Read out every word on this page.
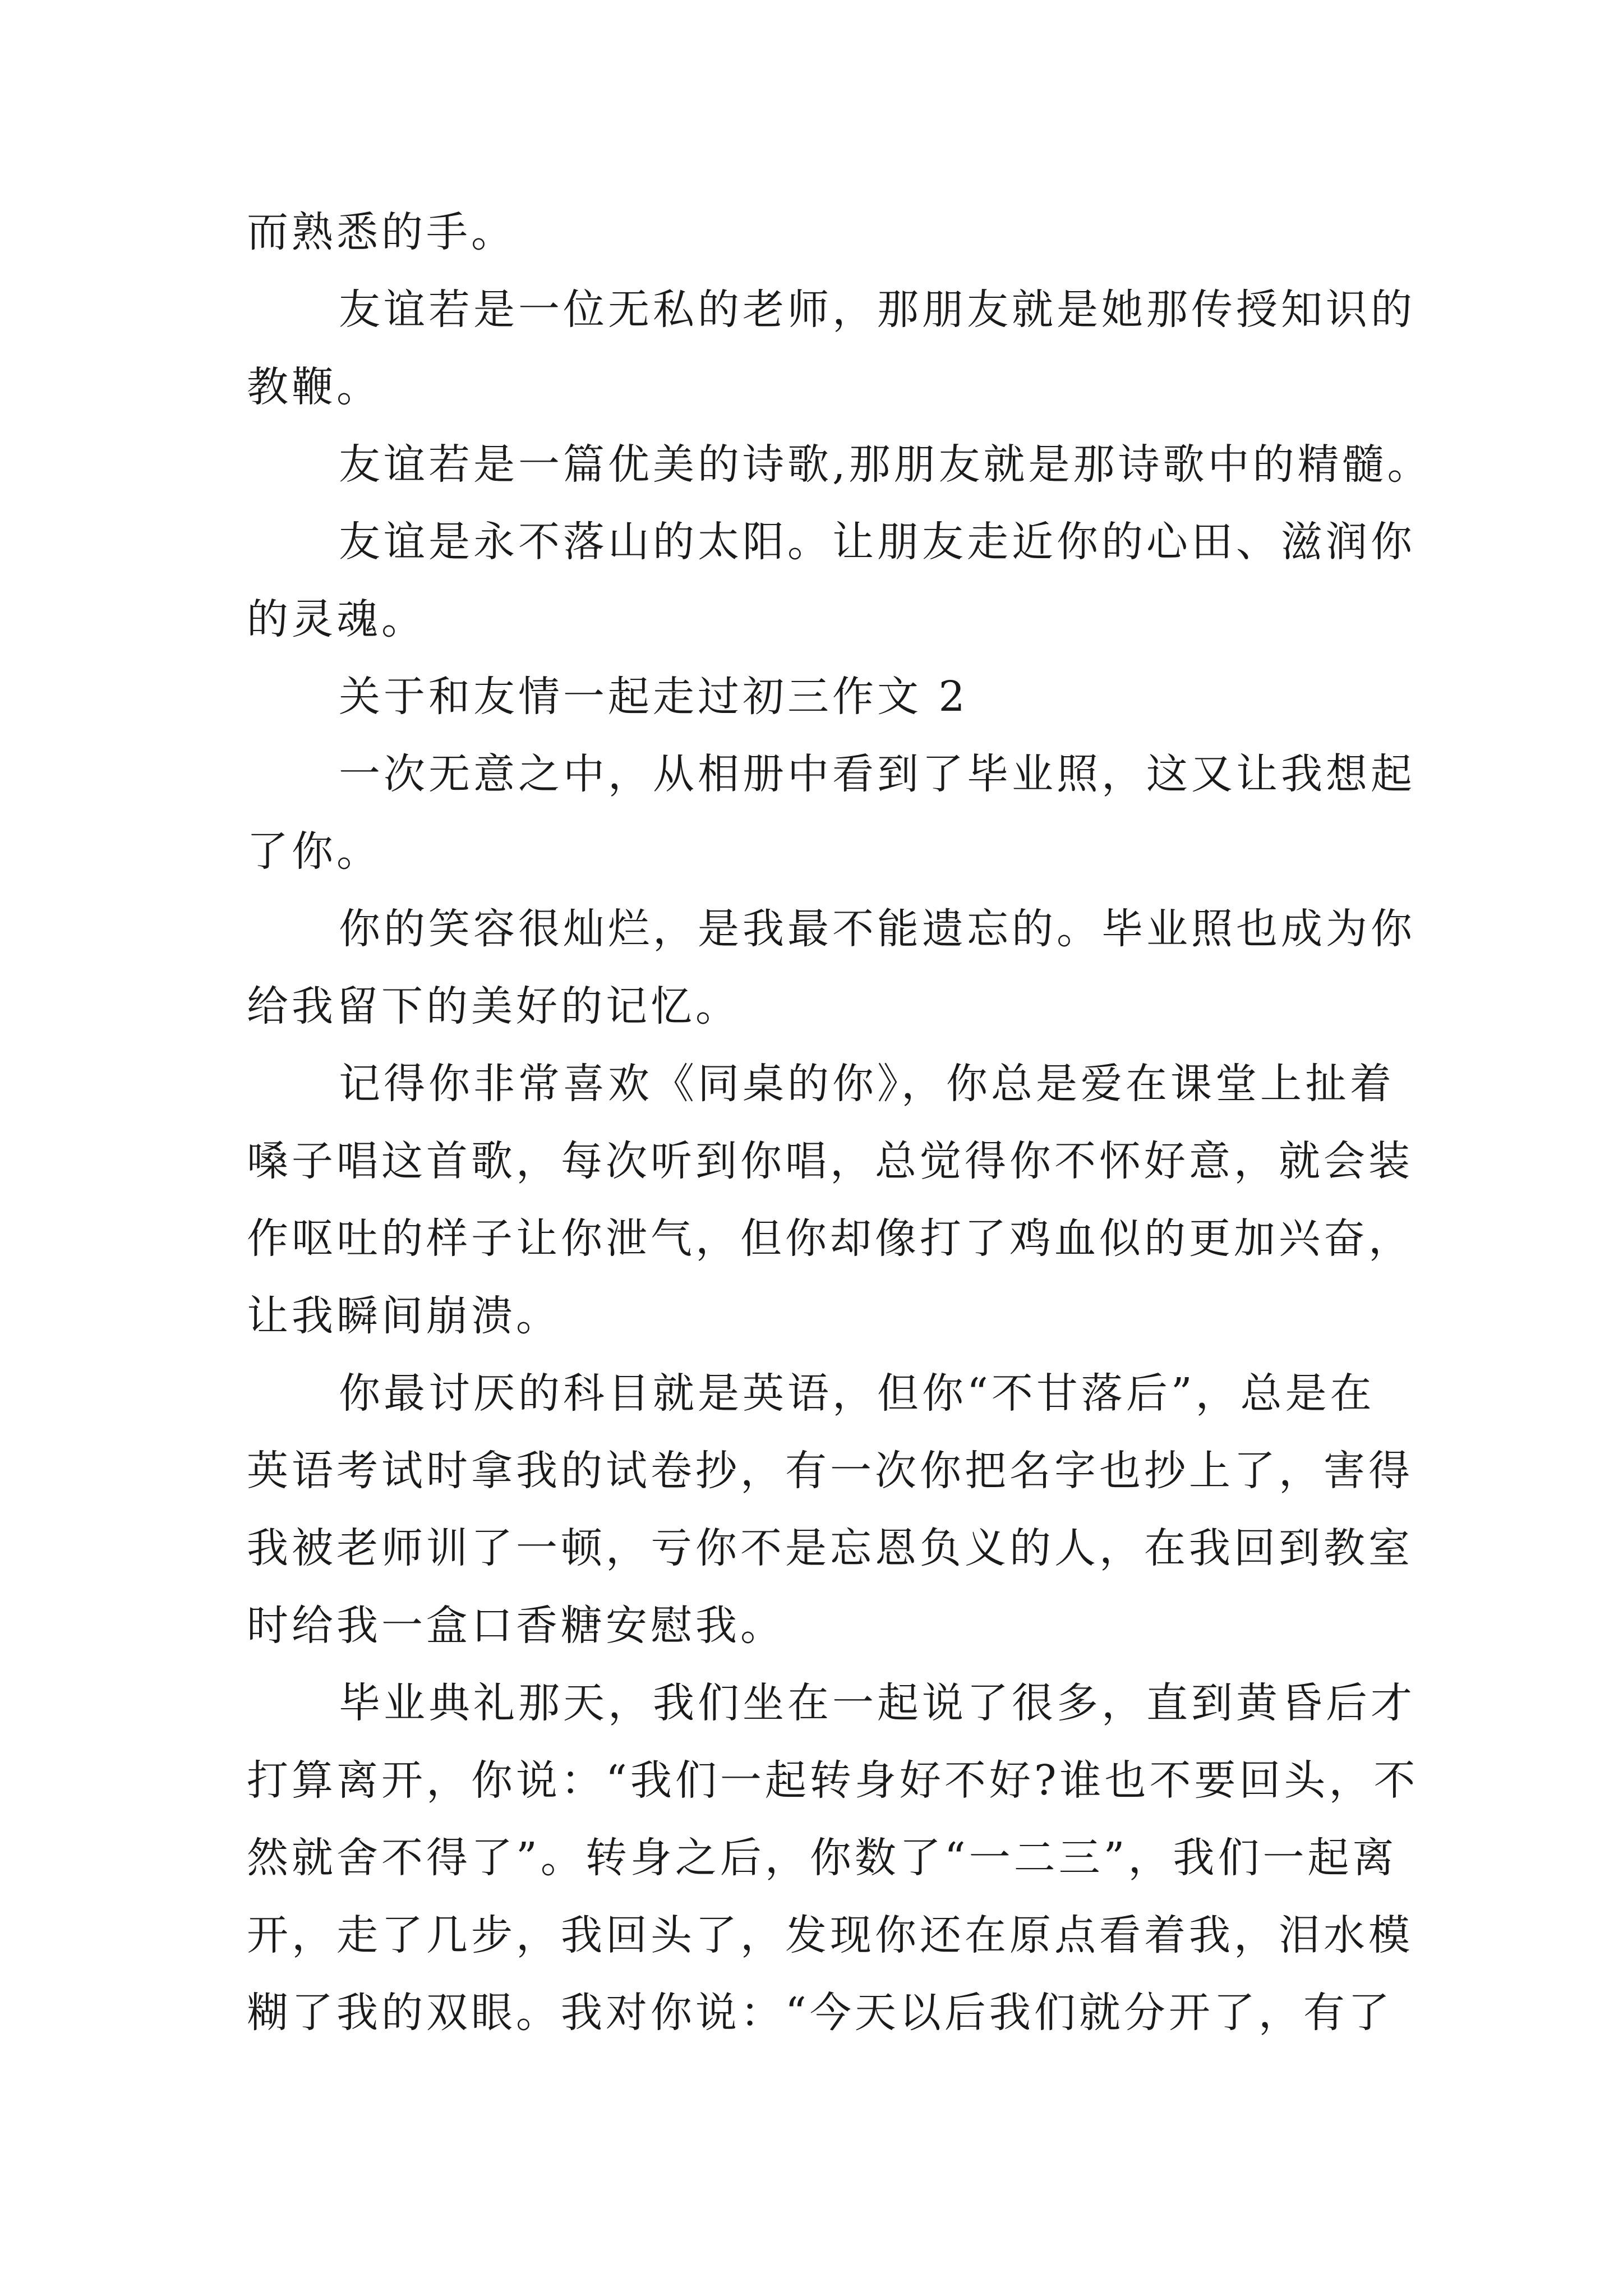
而熟悉的手。
友谊若是一位无私的老师，那朋友就是她那传授知识的
教鞭。
友谊若是一篇优美的诗歌,那朋友就是那诗歌中的精髓。
友谊是永不落山的太阳。让朋友走近你的心田、滋润你
的灵魂。
关于和友情一起走过初三作文 2
一次无意之中，从相册中看到了毕业照，这又让我想起
了你。
你的笑容很灿烂，是我最不能遗忘的。毕业照也成为你
给我留下的美好的记忆。
记得你非常喜欢《同桌的你》，你总是爱在课堂上扯着
嗓子唱这首歌，每次听到你唱，总觉得你不怀好意，就会装
作呕吐的样子让你泄气，但你却像打了鸡血似的更加兴奋，
让我瞬间崩溃。
你最讨厌的科目就是英语，但你“不甘落后”，总是在
英语考试时拿我的试卷抄，有一次你把名字也抄上了，害得
我被老师训了一顿，亏你不是忘恩负义的人，在我回到教室
时给我一盒口香糖安慰我。
毕业典礼那天，我们坐在一起说了很多，直到黄昏后才
打算离开，你说：“我们一起转身好不好?谁也不要回头，不
然就舍不得了”。转身之后，你数了“一二三”，我们一起离
开，走了几步，我回头了，发现你还在原点看着我，泪水模
糊了我的双眼。我对你说：“今天以后我们就分开了，有了
